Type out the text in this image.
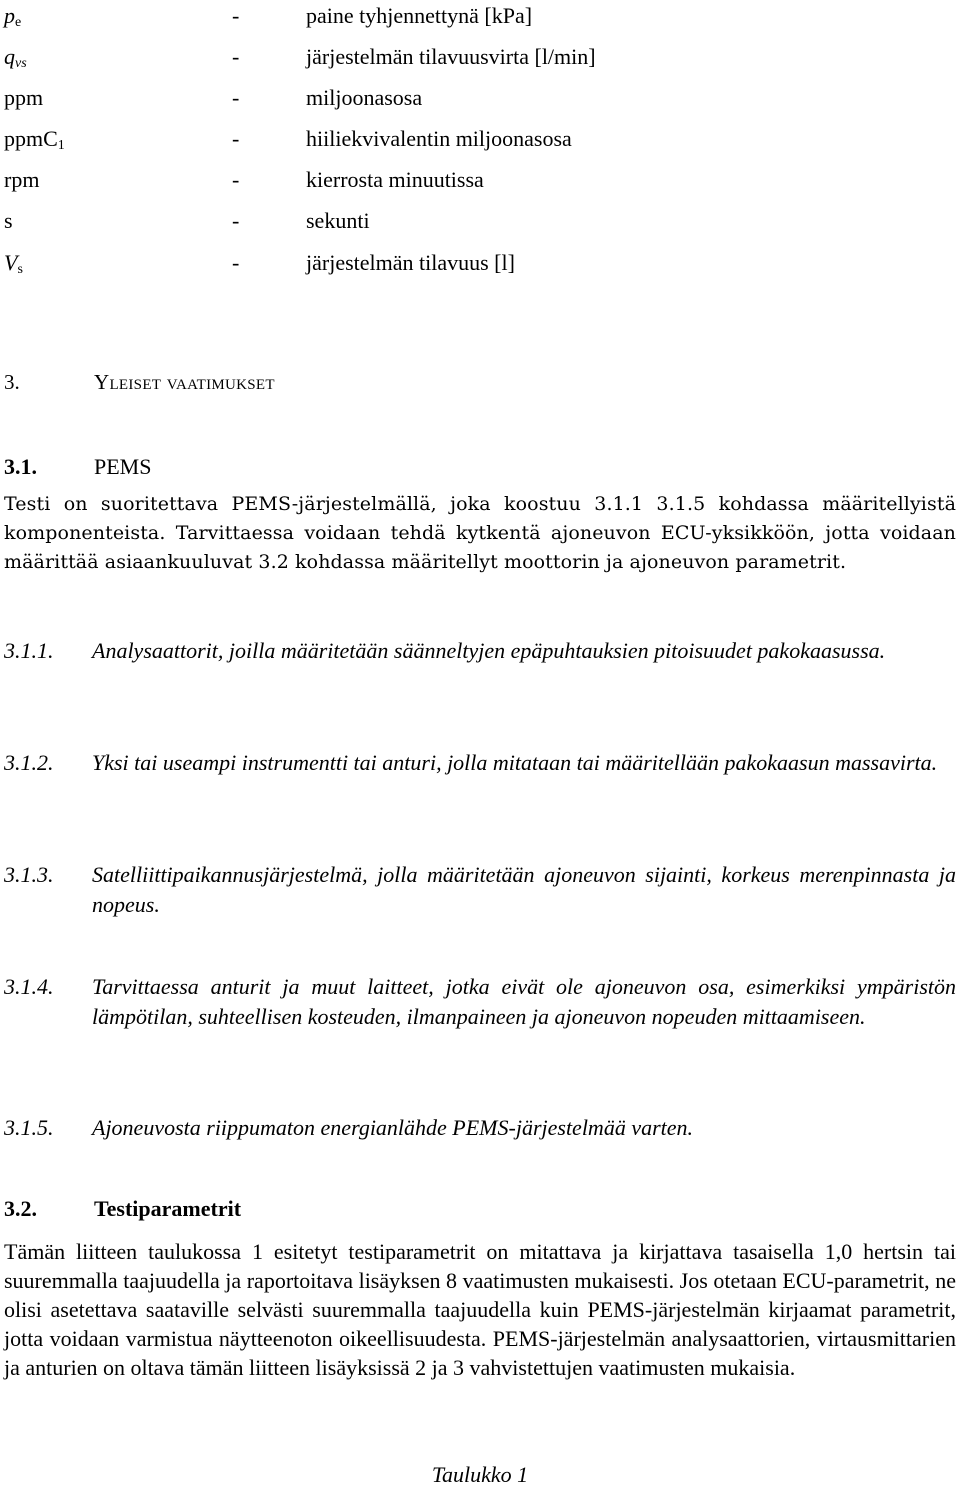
$p_e$	-	paine tyhjennettynä [kPa]
$q_{vs}$	-	järjestelmän tilavuusvirta [l/min]
ppm	-	miljoonasosa
ppmC$_1$	-	hiiliekvivalentin miljoonasosa
rpm	-	kierrosta minuutissa
s	-	sekunti
$V_s$	-	järjestelmän tilavuus [l]
3.	Yleiset vaatimukset
3.1.	PEMS
Testi on suoritettava PEMS-järjestelmällä, joka koostuu 3.1.1 3.1.5 kohdassa määritellyistä komponenteista. Tarvittaessa voidaan tehdä kytkentä ajoneuvon ECU-yksikköön, jotta voidaan määrittää asiaankuuluvat 3.2 kohdassa määritellyt moottorin ja ajoneuvon parametrit.
3.1.1.	Analysaattorit, joilla määritetään säänneltyjen epäpuhtauksien pitoisuudet pakokaasussa.
3.1.2.	Yksi tai useampi instrumentti tai anturi, jolla mitataan tai määritellään pakokaasun massavirta.
3.1.3.	Satelliittipaikannusjärjestelmä, jolla määritetään ajoneuvon sijainti, korkeus merenpinnasta ja nopeus.
3.1.4.	Tarvittaessa anturit ja muut laitteet, jotka eivät ole ajoneuvon osa, esimerkiksi ympäristön lämpötilan, suhteellisen kosteuden, ilmanpaineen ja ajoneuvon nopeuden mittaamiseen.
3.1.5.	Ajoneuvosta riippumaton energianlähde PEMS-järjestelmää varten.
3.2.	Testiparametrit
Tämän liitteen taulukossa 1 esitetyt testiparametrit on mitattava ja kirjattava tasaisella 1,0 hertsin tai suuremmalla taajuudella ja raportoitava lisäyksen 8 vaatimusten mukaisesti. Jos otetaan ECU-parametrit, ne olisi asetettava saataville selvästi suuremmalla taajuudella kuin PEMS-järjestelmän kirjaamat parametrit, jotta voidaan varmistua näytteenoton oikeellisuudesta. PEMS-järjestelmän analysaattorien, virtausmittarien ja anturien on oltava tämän liitteen lisäyksissä 2 ja 3 vahvistettujen vaatimusten mukaisia.
Taulukko 1
